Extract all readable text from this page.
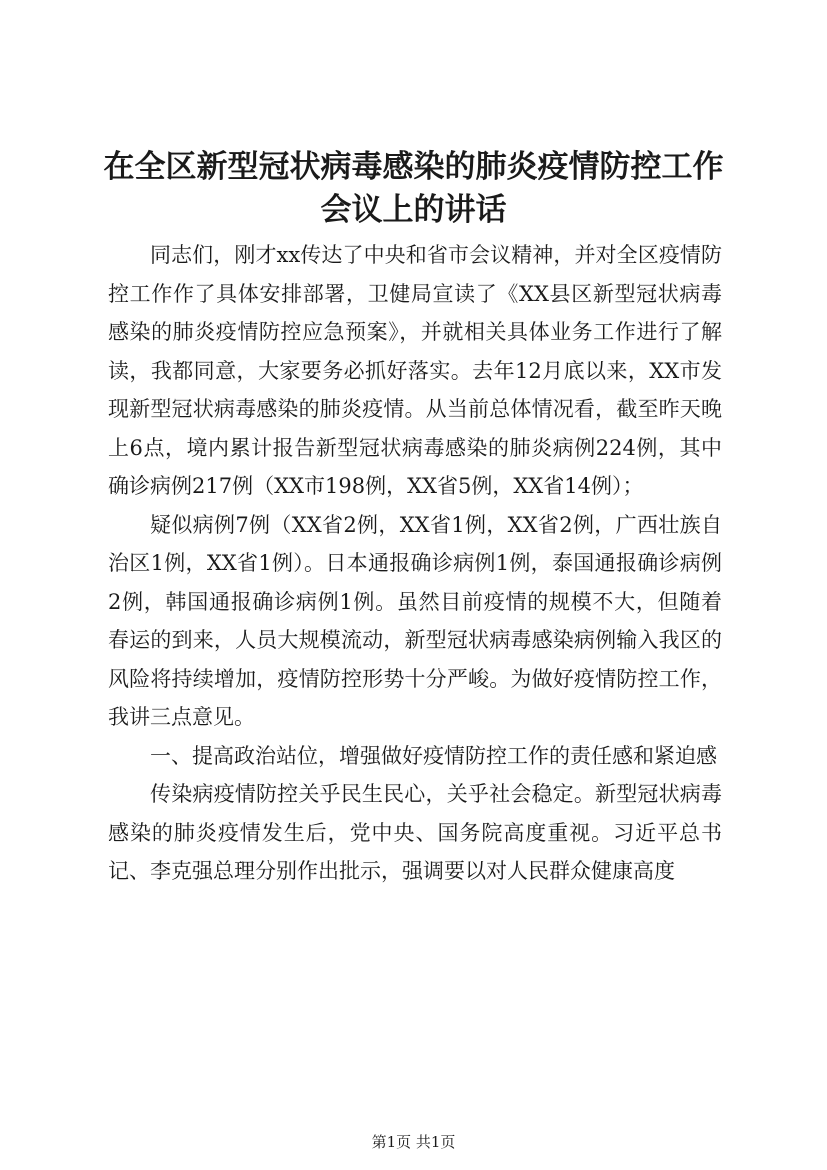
在全区新型冠状病毒感染的肺炎疫情防控工作
会议上的讲话

同志们，刚才xx传达了中央和省市会议精神，并对全区疫情防控工作作了具体安排部署，卫健局宣读了《XX县区新型冠状病毒感染的肺炎疫情防控应急预案》，并就相关具体业务工作进行了解读，我都同意，大家要务必抓好落实。去年12月底以来，XX市发现新型冠状病毒感染的肺炎疫情。从当前总体情况看，截至昨天晚上6点，境内累计报告新型冠状病毒感染的肺炎病例224例，其中确诊病例217例（XX市198例，XX省5例，XX省14例）；

疑似病例7例（XX省2例，XX省1例，XX省2例，广西壮族自治区1例，XX省1例）。日本通报确诊病例1例，泰国通报确诊病例2例，韩国通报确诊病例1例。虽然目前疫情的规模不大，但随着春运的到来，人员大规模流动，新型冠状病毒感染病例输入我区的风险将持续增加，疫情防控形势十分严峻。为做好疫情防控工作，我讲三点意见。

一、提高政治站位，增强做好疫情防控工作的责任感和紧迫感

传染病疫情防控关乎民生民心，关乎社会稳定。新型冠状病毒感染的肺炎疫情发生后，党中央、国务院高度重视。习近平总书记、李克强总理分别作出批示，强调要以对人民群众健康高度

第1页 共1页
